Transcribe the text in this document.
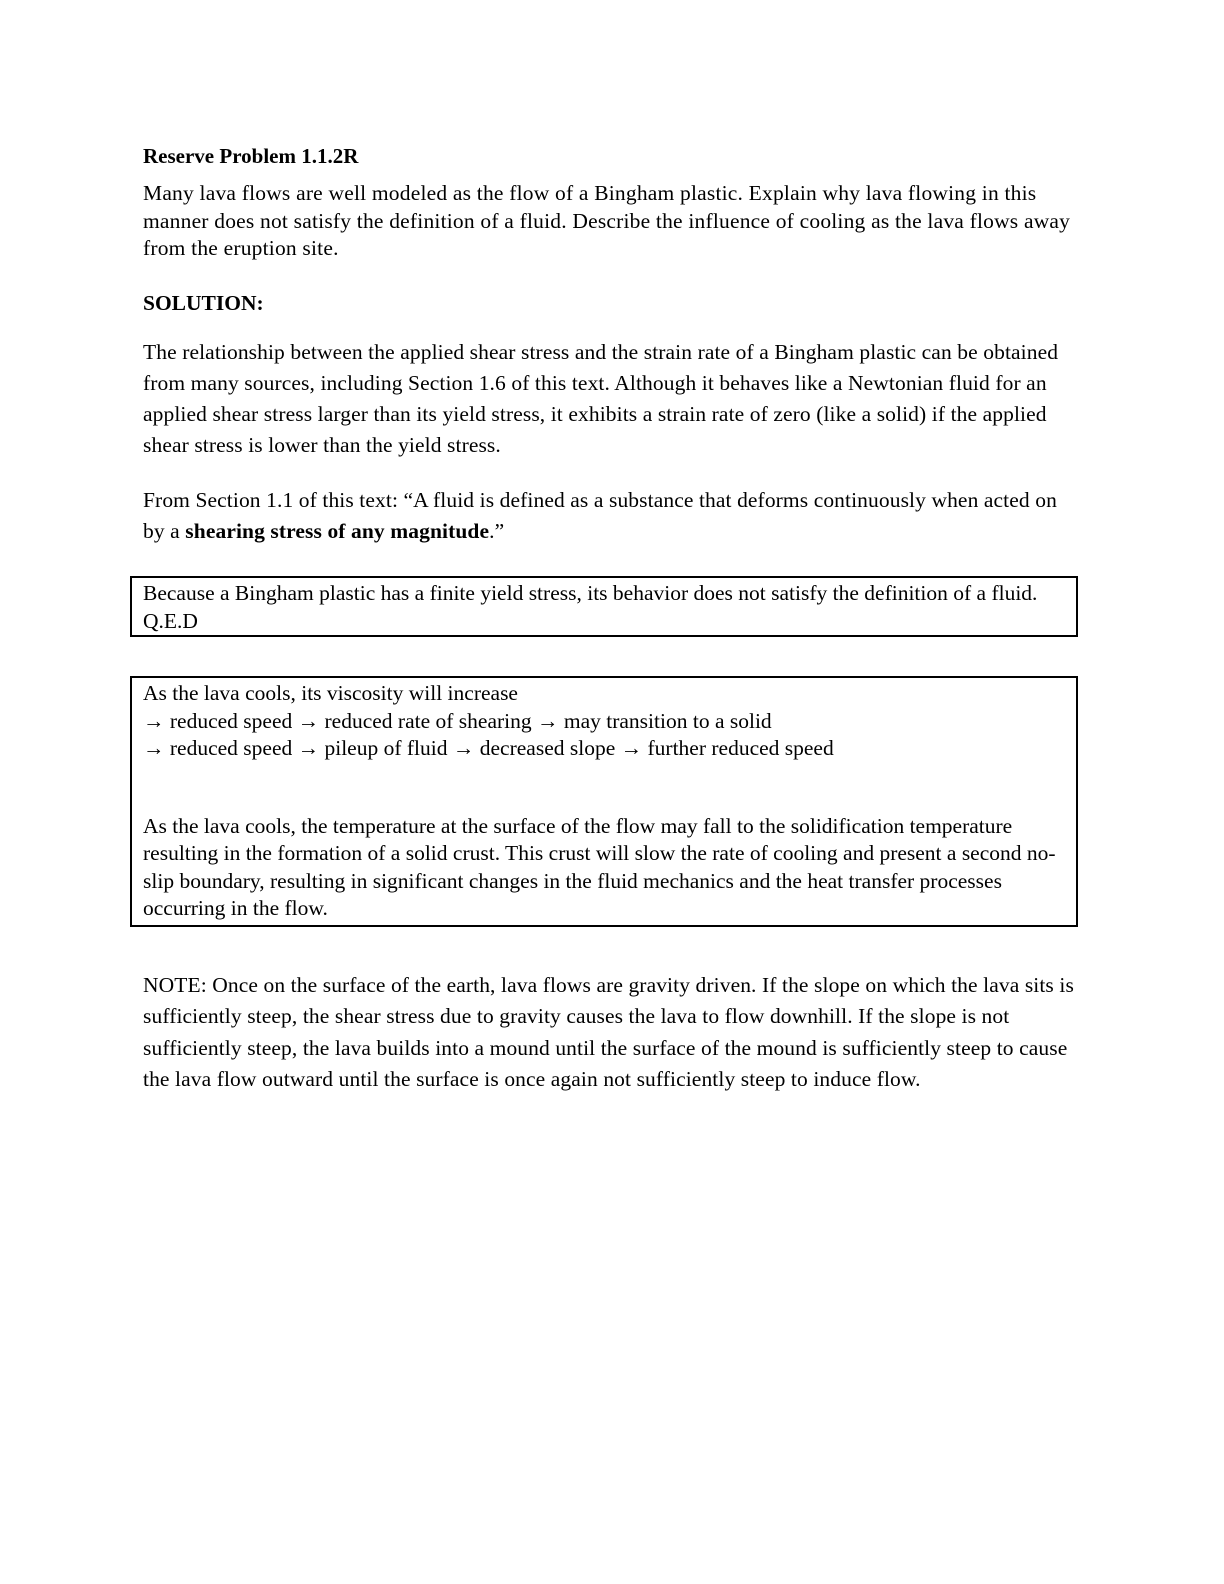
Reserve Problem 1.1.2R

Many lava flows are well modeled as the flow of a Bingham plastic. Explain why lava flowing in this manner does not satisfy the definition of a fluid. Describe the influence of cooling as the lava flows away from the eruption site.

SOLUTION:

The relationship between the applied shear stress and the strain rate of a Bingham plastic can be obtained from many sources, including Section 1.6 of this text. Although it behaves like a Newtonian fluid for an applied shear stress larger than its yield stress, it exhibits a strain rate of zero (like a solid) if the applied shear stress is lower than the yield stress.

From Section 1.1 of this text: “A fluid is defined as a substance that deforms continuously when acted on by a shearing stress of any magnitude.”

Because a Bingham plastic has a finite yield stress, its behavior does not satisfy the definition of a fluid. Q.E.D
As the lava cools, its viscosity will increase
→ reduced speed → reduced rate of shearing → may transition to a solid
→ reduced speed → pileup of fluid → decreased slope → further reduced speed
As the lava cools, the temperature at the surface of the flow may fall to the solidification temperature resulting in the formation of a solid crust. This crust will slow the rate of cooling and present a second no-slip boundary, resulting in significant changes in the fluid mechanics and the heat transfer processes occurring in the flow.

NOTE: Once on the surface of the earth, lava flows are gravity driven. If the slope on which the lava sits is sufficiently steep, the shear stress due to gravity causes the lava to flow downhill. If the slope is not sufficiently steep, the lava builds into a mound until the surface of the mound is sufficiently steep to cause the lava flow outward until the surface is once again not sufficiently steep to induce flow.
